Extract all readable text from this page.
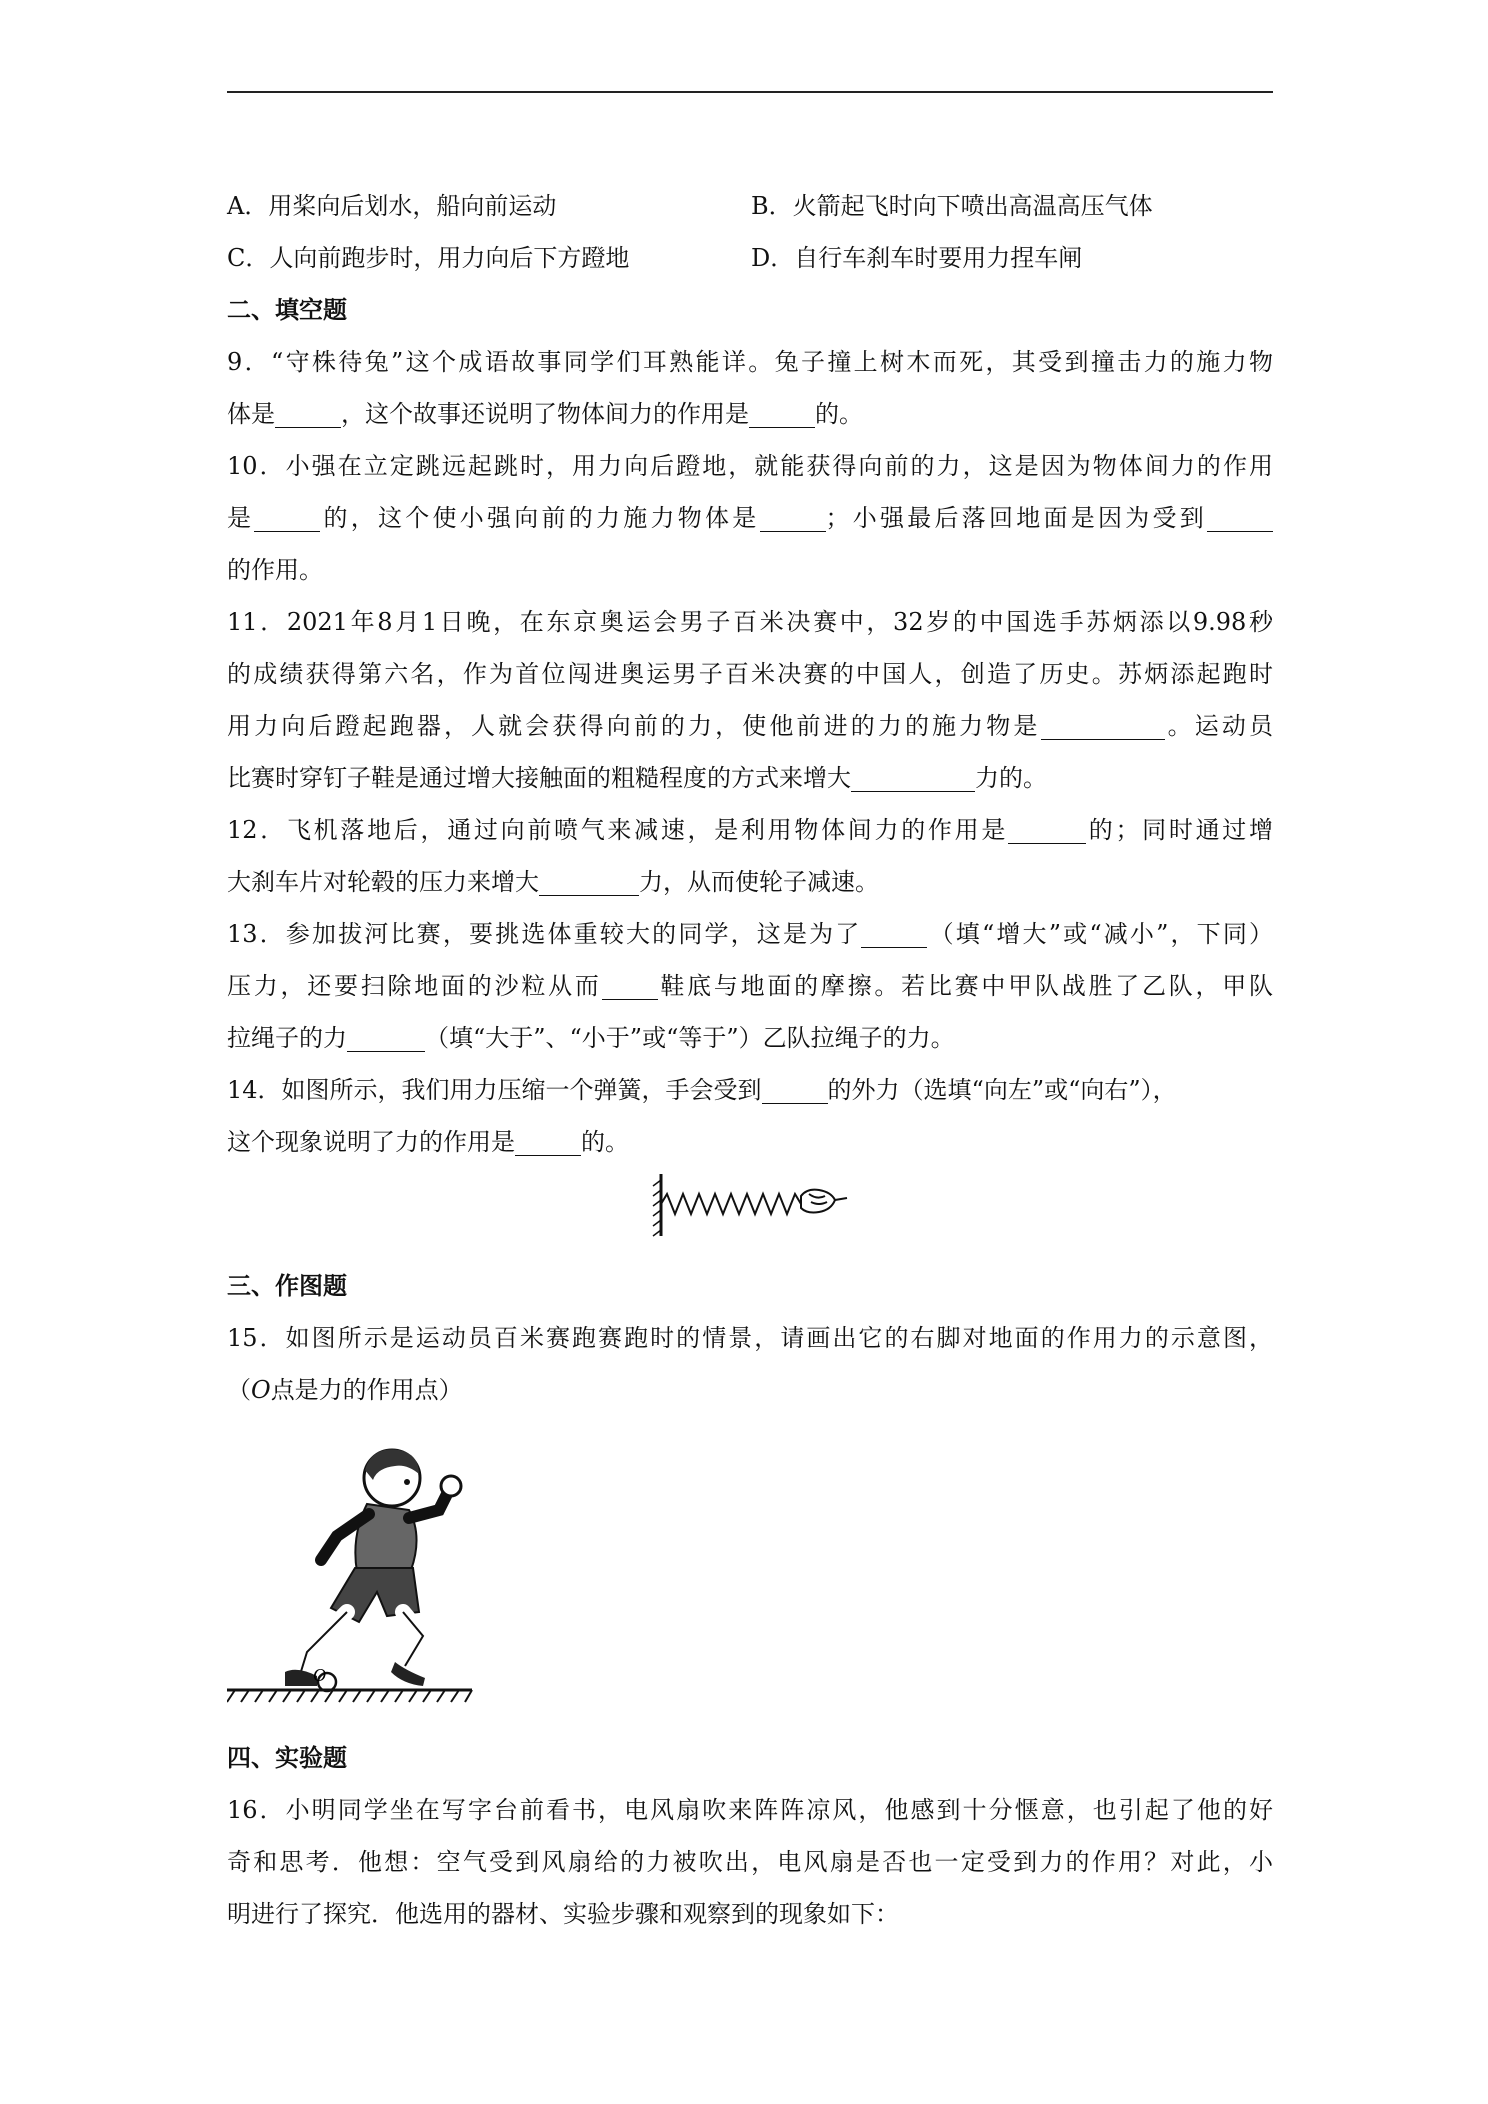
A．用桨向后划水，船向前运动	B．火箭起飞时向下喷出高温高压气体
C．人向前跑步时，用力向后下方蹬地	D．自行车刹车时要用力捏车闸
二、填空题
9．“守株待兔”这个成语故事同学们耳熟能详。兔子撞上树木而死，其受到撞击力的施力物
体是	，这个故事还说明了物体间力的作用是	的。
10．小强在立定跳远起跳时，用力向后蹬地，就能获得向前的力，这是因为物体间力的作用
是	的，这个使小强向前的力施力物体是	；小强最后落回地面是因为受到
的作用。
11．2021年8月1日晚，在东京奥运会男子百米决赛中，32岁的中国选手苏炳添以9.98秒
的成绩获得第六名，作为首位闯进奥运男子百米决赛的中国人，创造了历史。苏炳添起跑时
用力向后蹬起跑器，人就会获得向前的力，使他前进的力的施力物是	。运动员
比赛时穿钉子鞋是通过增大接触面的粗糙程度的方式来增大	力的。
12．飞机落地后，通过向前喷气来减速，是利用物体间力的作用是	的；同时通过增
大刹车片对轮毂的压力来增大	力，从而使轮子减速。
13．参加拔河比赛，要挑选体重较大的同学，这是为了	（填“增大”或“减小”，下同）
压力，还要扫除地面的沙粒从而 鞋底与地面的摩擦。若比赛中甲队战胜了乙队，甲队
拉绳子的力	（填“大于”、“小于”或“等于”）乙队拉绳子的力。
14．如图所示，我们用力压缩一个弹簧，手会受到	的外力（选填“向左”或“向右”），
这个现象说明了力的作用是	的。
三、作图题
15．如图所示是运动员百米赛跑赛跑时的情景，请画出它的右脚对地面的作用力的示意图，
（O点是力的作用点）
O
四、实验题
16．小明同学坐在写字台前看书，电风扇吹来阵阵凉风，他感到十分惬意，也引起了他的好
奇和思考．他想：空气受到风扇给的力被吹出，电风扇是否也一定受到力的作用？对此，小
明进行了探究．他选用的器材、实验步骤和观察到的现象如下：
